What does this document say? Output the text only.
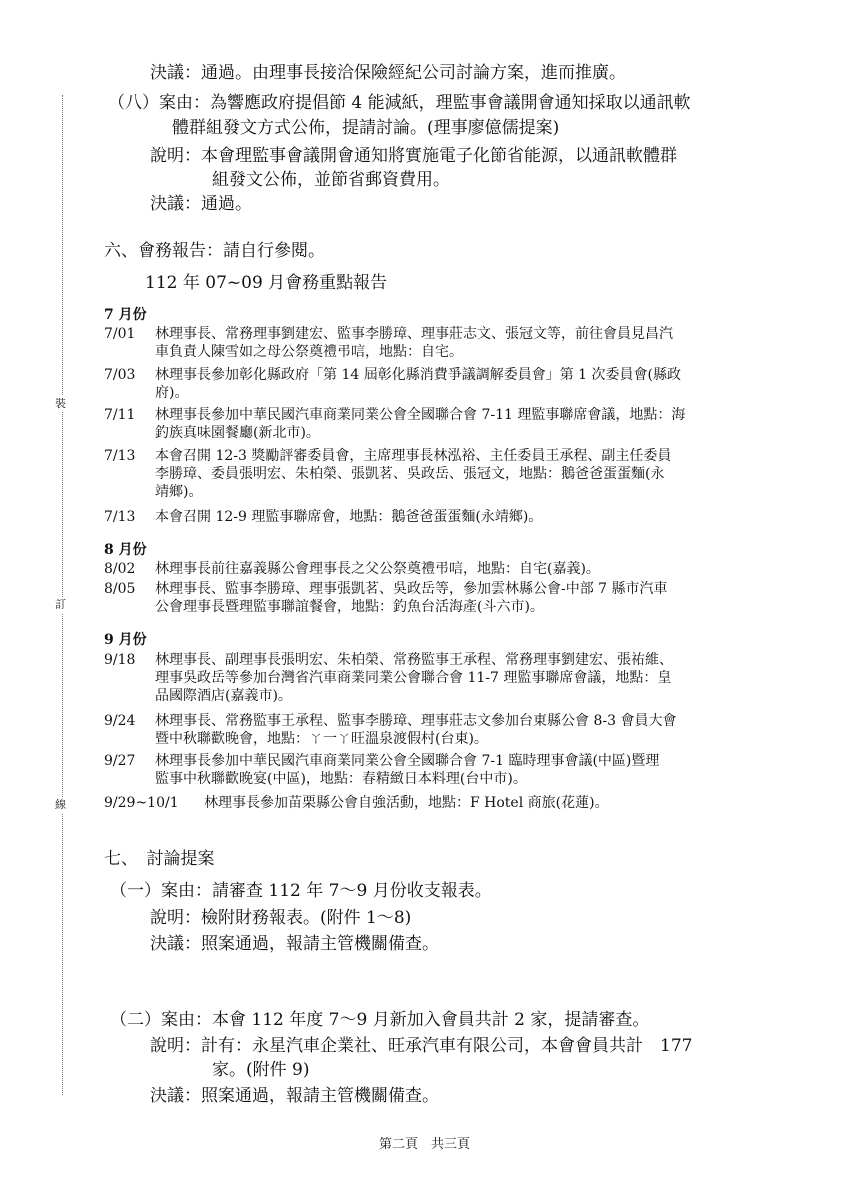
裝
訂
線
決議：通過。由理事長接洽保險經紀公司討論方案，進而推廣。
（八）案由：為響應政府提倡節 4 能減紙，理監事會議開會通知採取以通訊軟
體群組發文方式公佈，提請討論。(理事廖億儒提案)
說明：本會理監事會議開會通知將實施電子化節省能源，以通訊軟體群
組發文公佈，並節省郵資費用。
決議：通過。
六、會務報告：請自行參閱。
112 年 07~09 月會務重點報告
7 月份
7/01 林理事長、常務理事劉建宏、監事李勝璋、理事莊志文、張冠文等，前往會員見昌汽
車負責人陳雪如之母公祭奠禮弔唁，地點：自宅。
7/03 林理事長參加彰化縣政府「第 14 屆彰化縣消費爭議調解委員會」第 1 次委員會(縣政
府)。
7/11 林理事長參加中華民國汽車商業同業公會全國聯合會 7-11 理監事聯席會議，地點：海
釣族真味園餐廳(新北市)。
7/13 本會召開 12-3 獎勵評審委員會，主席理事長林泓裕、主任委員王承程、副主任委員
李勝璋、委員張明宏、朱柏榮、張凱茗、吳政岳、張冠文，地點：鵝爸爸蛋蛋麵(永
靖鄉)。
7/13 本會召開 12-9 理監事聯席會，地點：鵝爸爸蛋蛋麵(永靖鄉)。
8 月份
8/02 林理事長前往嘉義縣公會理事長之父公祭奠禮弔唁，地點：自宅(嘉義)。
8/05 林理事長、監事李勝璋、理事張凱茗、吳政岳等，參加雲林縣公會-中部 7 縣市汽車
公會理事長暨理監事聯誼餐會，地點：釣魚台活海產(斗六市)。
9 月份
9/18 林理事長、副理事長張明宏、朱柏榮、常務監事王承程、常務理事劉建宏、張祐維、
理事吳政岳等參加台灣省汽車商業同業公會聯合會 11-7 理監事聯席會議，地點：皇
品國際酒店(嘉義市)。
9/24 林理事長、常務監事王承程、監事李勝璋、理事莊志文參加台東縣公會 8-3 會員大會
暨中秋聯歡晚會，地點：ㄚ一ㄚ旺溫泉渡假村(台東)。
9/27 林理事長參加中華民國汽車商業同業公會全國聯合會 7-1 臨時理事會議(中區)暨理
監事中秋聯歡晚宴(中區)，地點：春精緻日本料理(台中市)。
9/29~10/1 林理事長參加苗栗縣公會自強活動，地點：F Hotel 商旅(花蓮)。
七、　討論提案
（一）案由：請審查 112 年 7～9 月份收支報表。
說明：檢附財務報表。(附件 1～8)
決議：照案通過，報請主管機關備查。
（二）案由：本會 112 年度 7～9 月新加入會員共計 2 家，提請審查。
說明：計有：永星汽車企業社、旺承汽車有限公司，本會會員共計　177
家。(附件 9)
決議：照案通過，報請主管機關備查。
第二頁　共三頁
